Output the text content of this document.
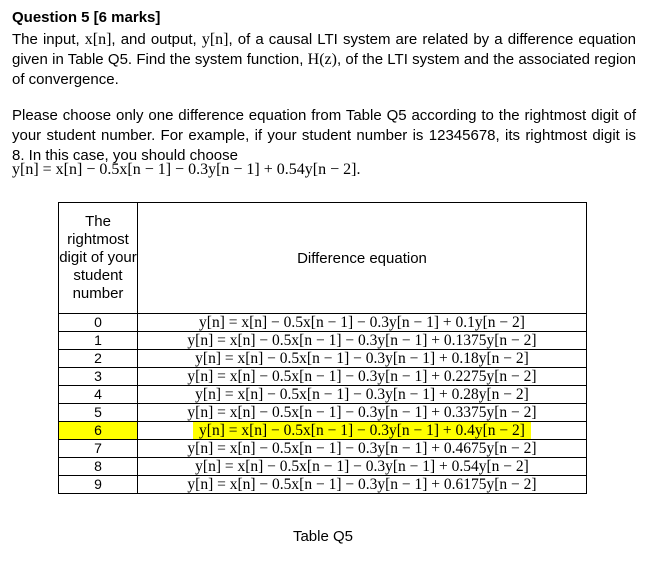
Question 5 [6 marks]
The input, x[n], and output, y[n], of a causal LTI system are related by a difference equation given in Table Q5. Find the system function, H(z), of the LTI system and the associated region of convergence.
Please choose only one difference equation from Table Q5 according to the rightmost digit of your student number. For example, if your student number is 12345678, its rightmost digit is 8. In this case, you should choose
y[n] = x[n] − 0.5x[n − 1] − 0.3y[n − 1] + 0.54y[n − 2].
The rightmost digit of your student number	Difference equation
0	y[n] = x[n] − 0.5x[n − 1] − 0.3y[n − 1] + 0.1y[n − 2]
1	y[n] = x[n] − 0.5x[n − 1] − 0.3y[n − 1] + 0.1375y[n − 2]
2	y[n] = x[n] − 0.5x[n − 1] − 0.3y[n − 1] + 0.18y[n − 2]
3	y[n] = x[n] − 0.5x[n − 1] − 0.3y[n − 1] + 0.2275y[n − 2]
4	y[n] = x[n] − 0.5x[n − 1] − 0.3y[n − 1] + 0.28y[n − 2]
5	y[n] = x[n] − 0.5x[n − 1] − 0.3y[n − 1] + 0.3375y[n − 2]
6	y[n] = x[n] − 0.5x[n − 1] − 0.3y[n − 1] + 0.4y[n − 2]
7	y[n] = x[n] − 0.5x[n − 1] − 0.3y[n − 1] + 0.4675y[n − 2]
8	y[n] = x[n] − 0.5x[n − 1] − 0.3y[n − 1] + 0.54y[n − 2]
9	y[n] = x[n] − 0.5x[n − 1] − 0.3y[n − 1] + 0.6175y[n − 2]
Table Q5
